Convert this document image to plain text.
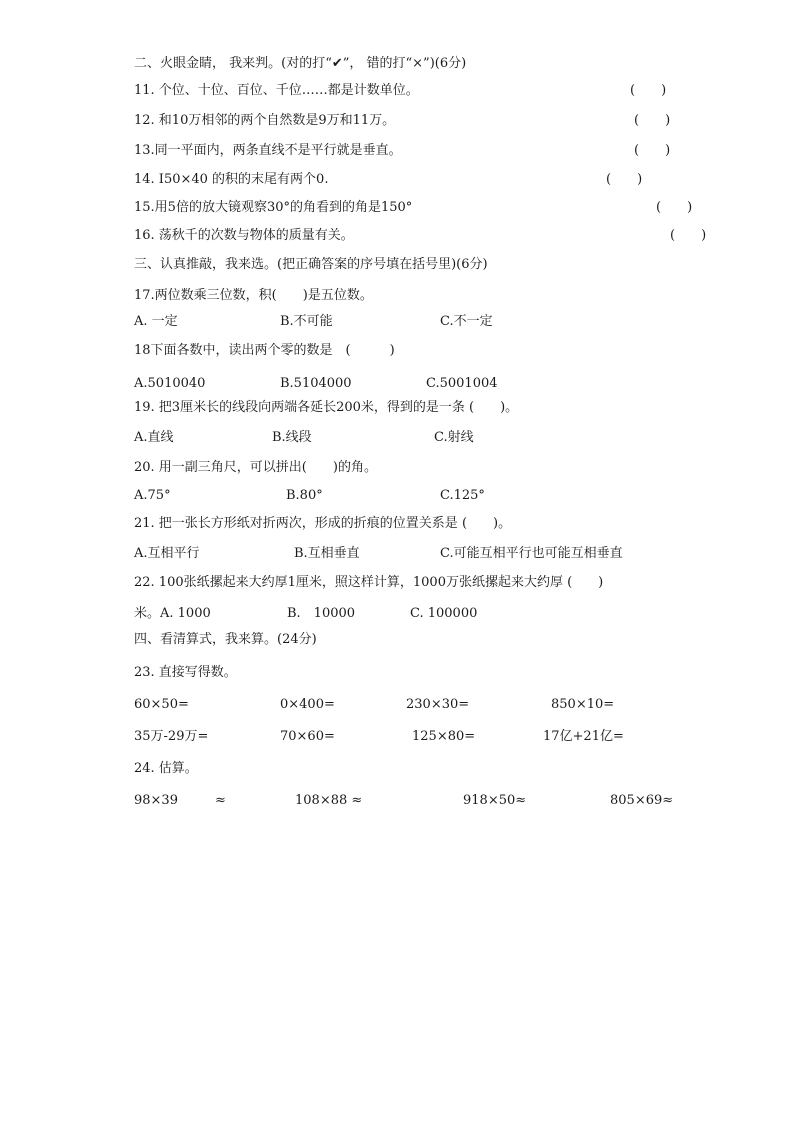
二、火眼金睛， 我来判。(对的打“✔”， 错的打“×”)(6分)
11. 个位、十位、百位、千位……都是计数单位。	(　　)
12. 和10万相邻的两个自然数是9万和11万。	(　　)
13.同一平面内，两条直线不是平行就是垂直。	(　　)
14. I50×40 的积的末尾有两个0.	(　　)
15.用5倍的放大镜观察30°的角看到的角是150°	(　　)
16. 荡秋千的次数与物体的质量有关。	(　　)
三、认真推敲，我来选。(把正确答案的序号填在括号里)(6分)
17.两位数乘三位数，积(　　)是五位数。
A. 一定	B.不可能	C.不一定
18下面各数中，读出两个零的数是　(　　　)
A.5010040	B.5104000	C.5001004
19. 把3厘米长的线段向两端各延长200米，得到的是一条 (　　)。
A.直线	B.线段	C.射线
20. 用一副三角尺，可以拼出(　　)的角。
A.75°	B.80°	C.125°
21. 把一张长方形纸对折两次，形成的折痕的位置关系是 (　　)。
A.互相平行	B.互相垂直	C.可能互相平行也可能互相垂直
22. 100张纸摞起来大约厚1厘米，照这样计算，1000万张纸摞起来大约厚 (　　)
米。A. 1000	B.　10000	C. 100000
四、看清算式，我来算。(24分)
23. 直接写得数。
60×50=	0×400=	230×30=	850×10=
35万-29万=	70×60=	125×80=	17亿+21亿=
24. 估算。
98×39	≈	108×88 ≈	918×50≈	805×69≈
